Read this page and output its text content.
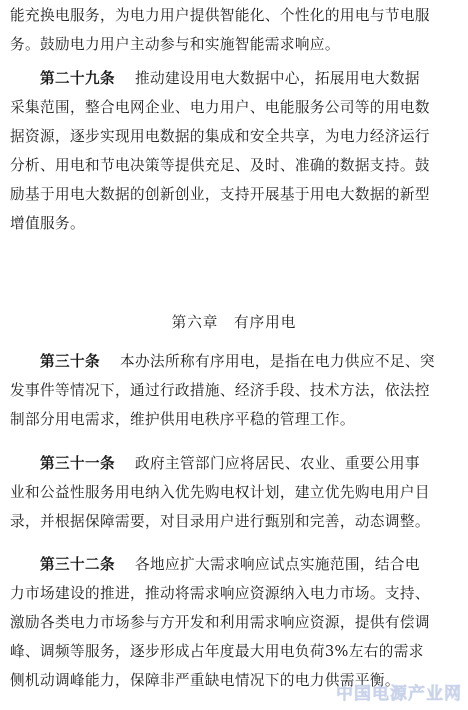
能充换电服务，为电力用户提供智能化、个性化的用电与节电服
务。鼓励电力用户主动参与和实施智能需求响应。
第二十九条 推动建设用电大数据中心，拓展用电大数据
采集范围，整合电网企业、电力用户、电能服务公司等的用电数
据资源，逐步实现用电数据的集成和安全共享，为电力经济运行
分析、用电和节电决策等提供充足、及时、准确的数据支持。鼓
励基于用电大数据的创新创业，支持开展基于用电大数据的新型
增值服务。
第六章　有序用电
第三十条 本办法所称有序用电，是指在电力供应不足、突
发事件等情况下，通过行政措施、经济手段、技术方法，依法控
制部分用电需求，维护供用电秩序平稳的管理工作。
第三十一条 政府主管部门应将居民、农业、重要公用事
业和公益性服务用电纳入优先购电权计划，建立优先购电用户目
录，并根据保障需要，对目录用户进行甄别和完善，动态调整。
第三十二条 各地应扩大需求响应试点实施范围，结合电
力市场建设的推进，推动将需求响应资源纳入电力市场。支持、
激励各类电力市场参与方开发和利用需求响应资源，提供有偿调
峰、调频等服务，逐步形成占年度最大用电负荷3%左右的需求
侧机动调峰能力，保障非严重缺电情况下的电力供需平衡。
中国电源产业网
